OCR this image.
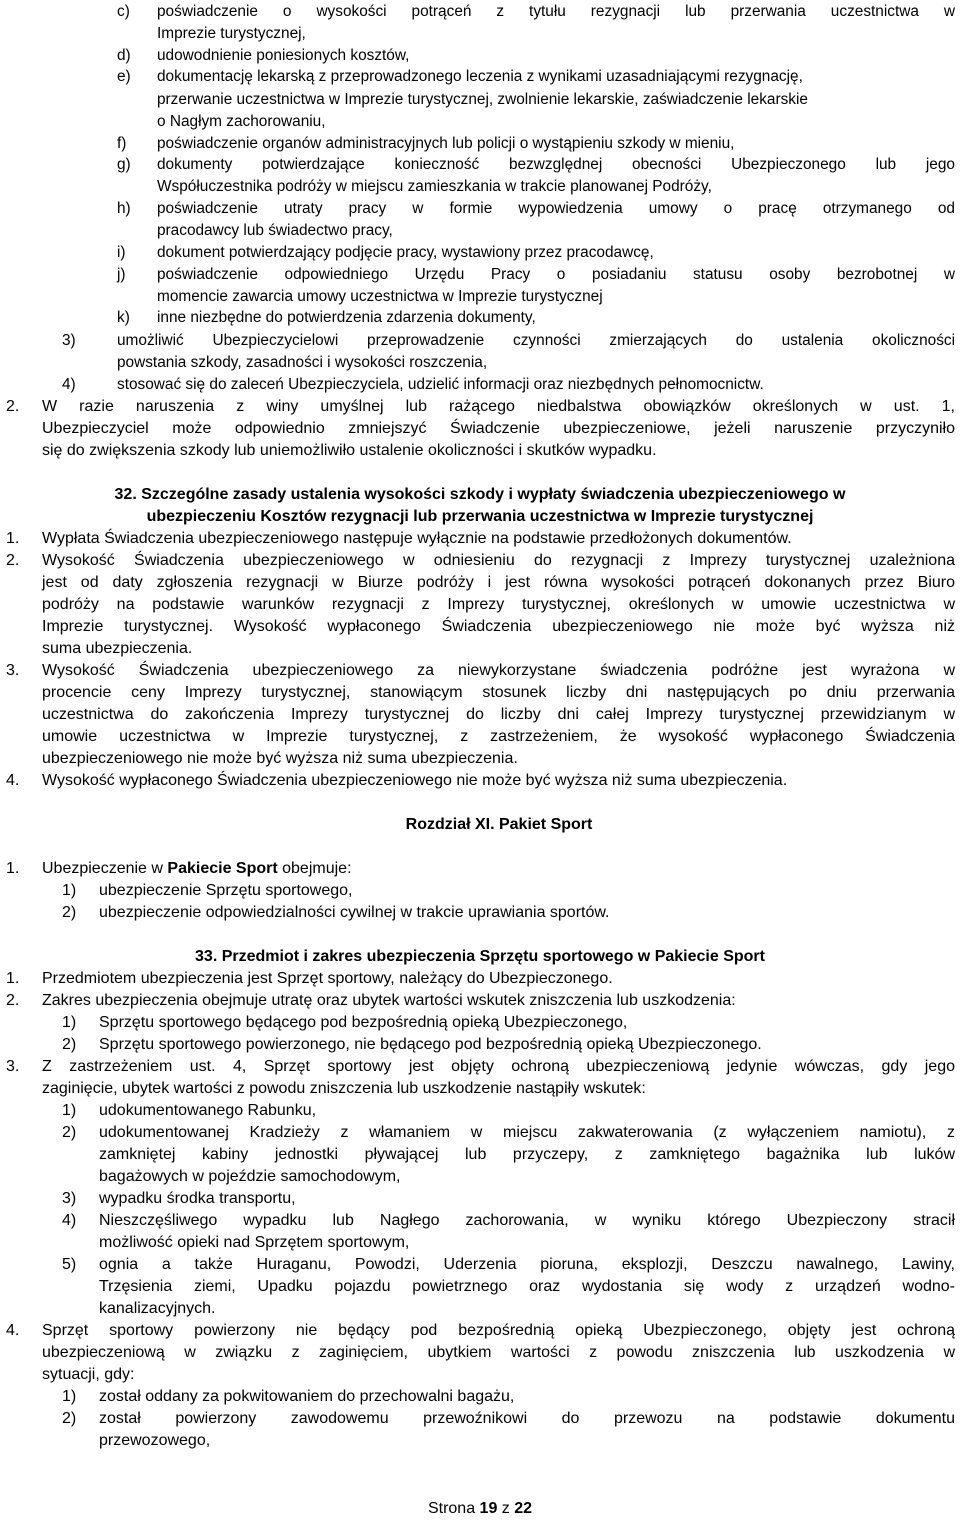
c) poświadczenie o wysokości potrąceń z tytułu rezygnacji lub przerwania uczestnictwa w
Imprezie turystycznej,
d) udowodnienie poniesionych kosztów,
e) dokumentację lekarską z przeprowadzonego leczenia z wynikami uzasadniającymi rezygnację,
przerwanie uczestnictwa w Imprezie turystycznej, zwolnienie lekarskie, zaświadczenie lekarskie
o Nagłym zachorowaniu,
f) poświadczenie organów administracyjnych lub policji o wystąpieniu szkody w mieniu,
g) dokumenty potwierdzające konieczność bezwzględnej obecności Ubezpieczonego lub jego
Współuczestnika podróży w miejscu zamieszkania w trakcie planowanej Podróży,
h) poświadczenie utraty pracy w formie wypowiedzenia umowy o pracę otrzymanego od
pracodawcy lub świadectwo pracy,
i) dokument potwierdzający podjęcie pracy, wystawiony przez pracodawcę,
j) poświadczenie odpowiedniego Urzędu Pracy o posiadaniu statusu osoby bezrobotnej w
momencie zawarcia umowy uczestnictwa w Imprezie turystycznej
k) inne niezbędne do potwierdzenia zdarzenia dokumenty,
3)	umożliwić Ubezpieczycielowi przeprowadzenie czynności zmierzających do ustalenia okoliczności
powstania szkody, zasadności i wysokości roszczenia,
4)	stosować się do zaleceń Ubezpieczyciela, udzielić informacji oraz niezbędnych pełnomocnictw.
2. W razie naruszenia z winy umyślnej lub rażącego niedbalstwa obowiązków określonych w ust. 1,
Ubezpieczyciel może odpowiednio zmniejszyć Świadczenie ubezpieczeniowe, jeżeli naruszenie przyczyniło
się do zwiększenia szkody lub uniemożliwiło ustalenie okoliczności i skutków wypadku.
32. Szczególne zasady ustalenia wysokości szkody i wypłaty świadczenia ubezpieczeniowego w
ubezpieczeniu Kosztów rezygnacji lub przerwania uczestnictwa w Imprezie turystycznej
1. Wypłata Świadczenia ubezpieczeniowego następuje wyłącznie na podstawie przedłożonych dokumentów.
2. Wysokość Świadczenia ubezpieczeniowego w odniesieniu do rezygnacji z Imprezy turystycznej uzależniona
jest od daty zgłoszenia rezygnacji w Biurze podróży i jest równa wysokości potrąceń dokonanych przez Biuro
podróży na podstawie warunków rezygnacji z Imprezy turystycznej, określonych w umowie uczestnictwa w
Imprezie turystycznej. Wysokość wypłaconego Świadczenia ubezpieczeniowego nie może być wyższa niż
suma ubezpieczenia.
3. Wysokość Świadczenia ubezpieczeniowego za niewykorzystane świadczenia podróżne jest wyrażona w
procencie ceny Imprezy turystycznej, stanowiącym stosunek liczby dni następujących po dniu przerwania
uczestnictwa do zakończenia Imprezy turystycznej do liczby dni całej Imprezy turystycznej przewidzianym w
umowie uczestnictwa w Imprezie turystycznej, z zastrzeżeniem, że wysokość wypłaconego Świadczenia
ubezpieczeniowego nie może być wyższa niż suma ubezpieczenia.
4. Wysokość wypłaconego Świadczenia ubezpieczeniowego nie może być wyższa niż suma ubezpieczenia.
Rozdział XI. Pakiet Sport
1. Ubezpieczenie w Pakiecie Sport obejmuje:
1) ubezpieczenie Sprzętu sportowego,
2) ubezpieczenie odpowiedzialności cywilnej w trakcie uprawiania sportów.
33. Przedmiot i zakres ubezpieczenia Sprzętu sportowego w Pakiecie Sport
1. Przedmiotem ubezpieczenia jest Sprzęt sportowy, należący do Ubezpieczonego.
2. Zakres ubezpieczenia obejmuje utratę oraz ubytek wartości wskutek zniszczenia lub uszkodzenia:
1) Sprzętu sportowego będącego pod bezpośrednią opieką Ubezpieczonego,
2) Sprzętu sportowego powierzonego, nie będącego pod bezpośrednią opieką Ubezpieczonego.
3. Z zastrzeżeniem ust. 4, Sprzęt sportowy jest objęty ochroną ubezpieczeniową jedynie wówczas, gdy jego
zaginięcie, ubytek wartości z powodu zniszczenia lub uszkodzenie nastąpiły wskutek:
1) udokumentowanego Rabunku,
2) udokumentowanej Kradzieży z włamaniem w miejscu zakwaterowania (z wyłączeniem namiotu), z
zamkniętej kabiny jednostki pływającej lub przyczepy, z zamkniętego bagażnika lub luków
bagażowych w pojeździe samochodowym,
3) wypadku środka transportu,
4) Nieszczęśliwego wypadku lub Nagłego zachorowania, w wyniku którego Ubezpieczony stracił
możliwość opieki nad Sprzętem sportowym,
5) ognia a także Huraganu, Powodzi, Uderzenia pioruna, eksplozji, Deszczu nawalnego, Lawiny,
Trzęsienia ziemi, Upadku pojazdu powietrznego oraz wydostania się wody z urządzeń wodno-
kanalizacyjnych.
4. Sprzęt sportowy powierzony nie będący pod bezpośrednią opieką Ubezpieczonego, objęty jest ochroną
ubezpieczeniową w związku z zaginięciem, ubytkiem wartości z powodu zniszczenia lub uszkodzenia w
sytuacji, gdy:
1) został oddany za pokwitowaniem do przechowalni bagażu,
2) został powierzony zawodowemu przewoźnikowi do przewozu na podstawie dokumentu
przewozowego,
Strona 19 z 22
